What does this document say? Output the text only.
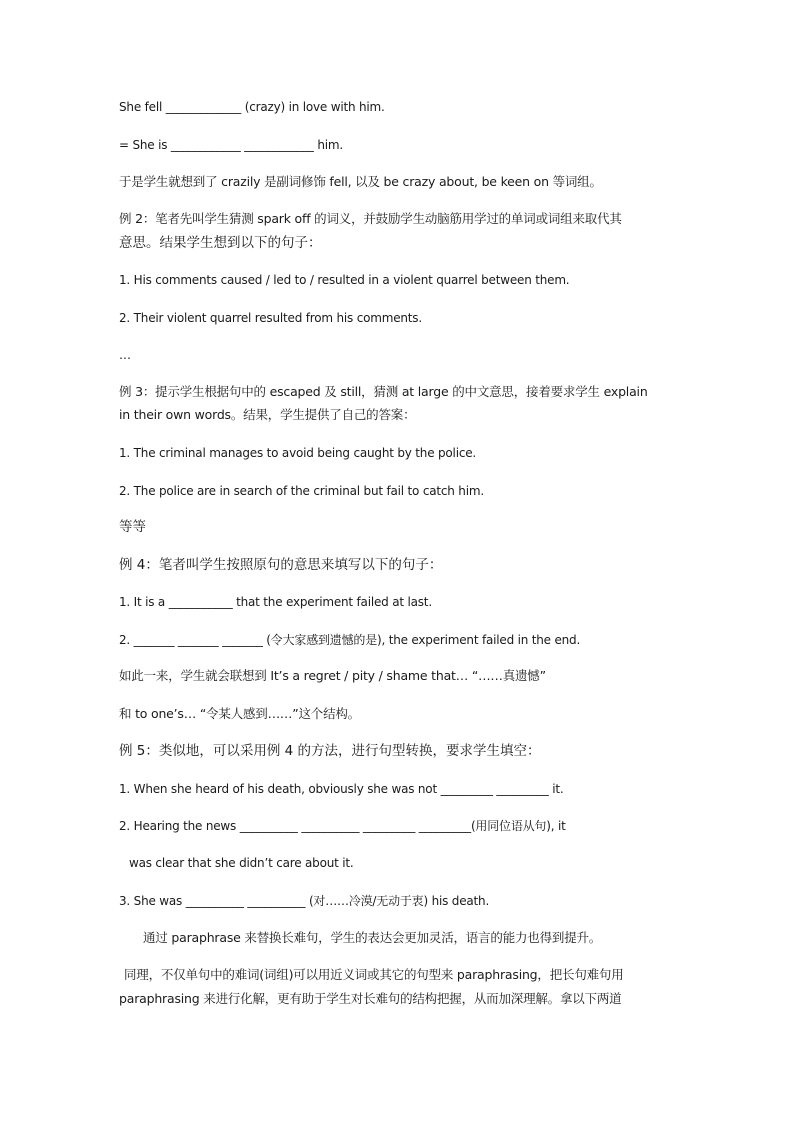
She fell _____________ (crazy) in love with him.
= She is ____________ ____________ him.
于是学生就想到了 crazily 是副词修饰 fell, 以及 be crazy about, be keen on 等词组。
例 2：笔者先叫学生猜测 spark off 的词义，并鼓励学生动脑筋用学过的单词或词组来取代其
意思。结果学生想到以下的句子：
1. His comments caused / led to / resulted in a violent quarrel between them.
2. Their violent quarrel resulted from his comments.
…
例 3：提示学生根据句中的 escaped 及 still，猜测 at large 的中文意思，接着要求学生 explain
in their own words。结果，学生提供了自己的答案：
1. The criminal manages to avoid being caught by the police.
2. The police are in search of the criminal but fail to catch him.
等等
例 4：笔者叫学生按照原句的意思来填写以下的句子：
1. It is a ___________ that the experiment failed at last.
2. _______ _______ _______ (令大家感到遗憾的是), the experiment failed in the end.
如此一来，学生就会联想到 It’s a regret / pity / shame that… “……真遗憾”
和 to one’s… “令某人感到……”这个结构。
例 5：类似地，可以采用例 4 的方法，进行句型转换，要求学生填空：
1. When she heard of his death, obviously she was not _________ _________ it.
2. Hearing the news __________ __________ _________ _________(用同位语从句), it
was clear that she didn’t care about it.
3. She was __________ __________ (对……冷漠/无动于衷) his death.
通过 paraphrase 来替换长难句，学生的表达会更加灵活，语言的能力也得到提升。
同理，不仅单句中的难词(词组)可以用近义词或其它的句型来 paraphrasing，把长句难句用
paraphrasing 来进行化解，更有助于学生对长难句的结构把握，从而加深理解。拿以下两道
